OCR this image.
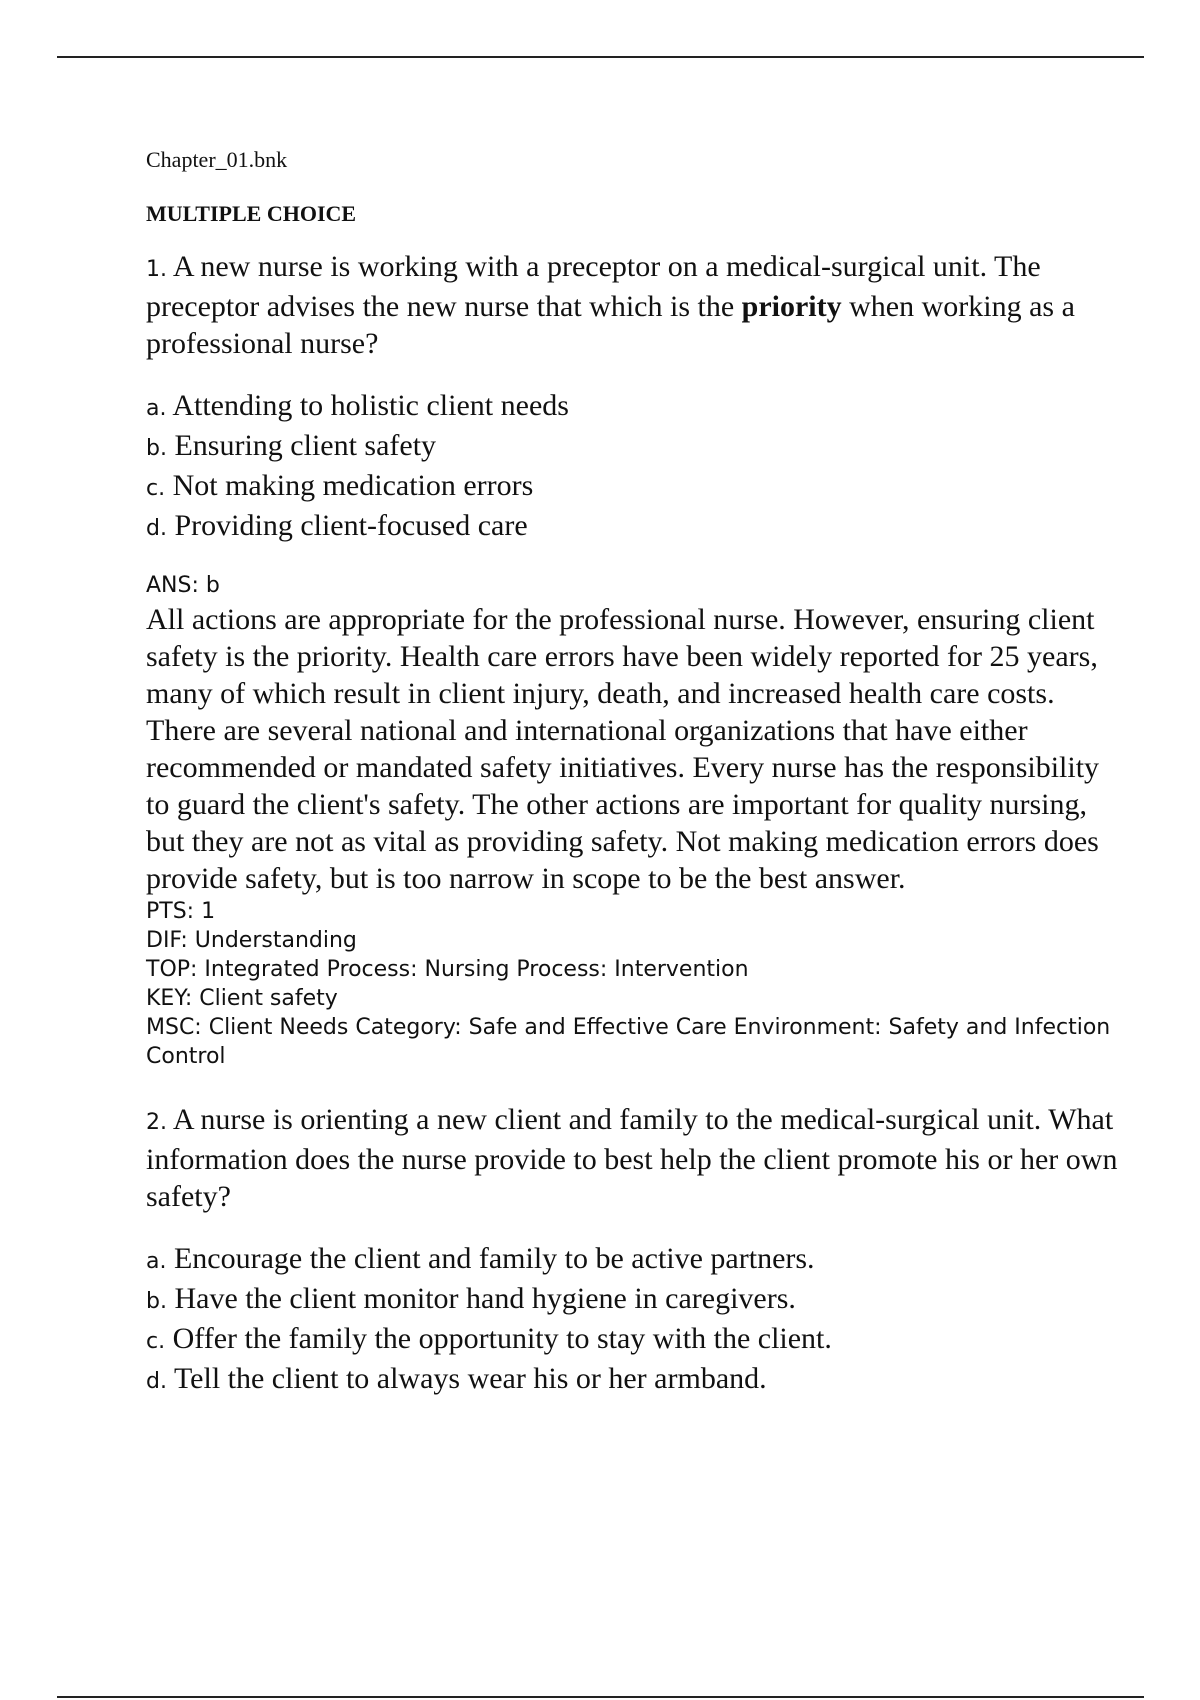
Chapter_01.bnk
MULTIPLE CHOICE
1. A new nurse is working with a preceptor on a medical-surgical unit. The preceptor advises the new nurse that which is the priority when working as a professional nurse?
a. Attending to holistic client needs
b. Ensuring client safety
c. Not making medication errors
d. Providing client-focused care
ANS: b
All actions are appropriate for the professional nurse. However, ensuring client safety is the priority. Health care errors have been widely reported for 25 years, many of which result in client injury, death, and increased health care costs. There are several national and international organizations that have either recommended or mandated safety initiatives. Every nurse has the responsibility to guard the client's safety. The other actions are important for quality nursing, but they are not as vital as providing safety. Not making medication errors does provide safety, but is too narrow in scope to be the best answer.
PTS: 1
DIF: Understanding
TOP: Integrated Process: Nursing Process: Intervention
KEY: Client safety
MSC: Client Needs Category: Safe and Effective Care Environment: Safety and Infection Control
2. A nurse is orienting a new client and family to the medical-surgical unit. What information does the nurse provide to best help the client promote his or her own safety?
a. Encourage the client and family to be active partners.
b. Have the client monitor hand hygiene in caregivers.
c. Offer the family the opportunity to stay with the client.
d. Tell the client to always wear his or her armband.
